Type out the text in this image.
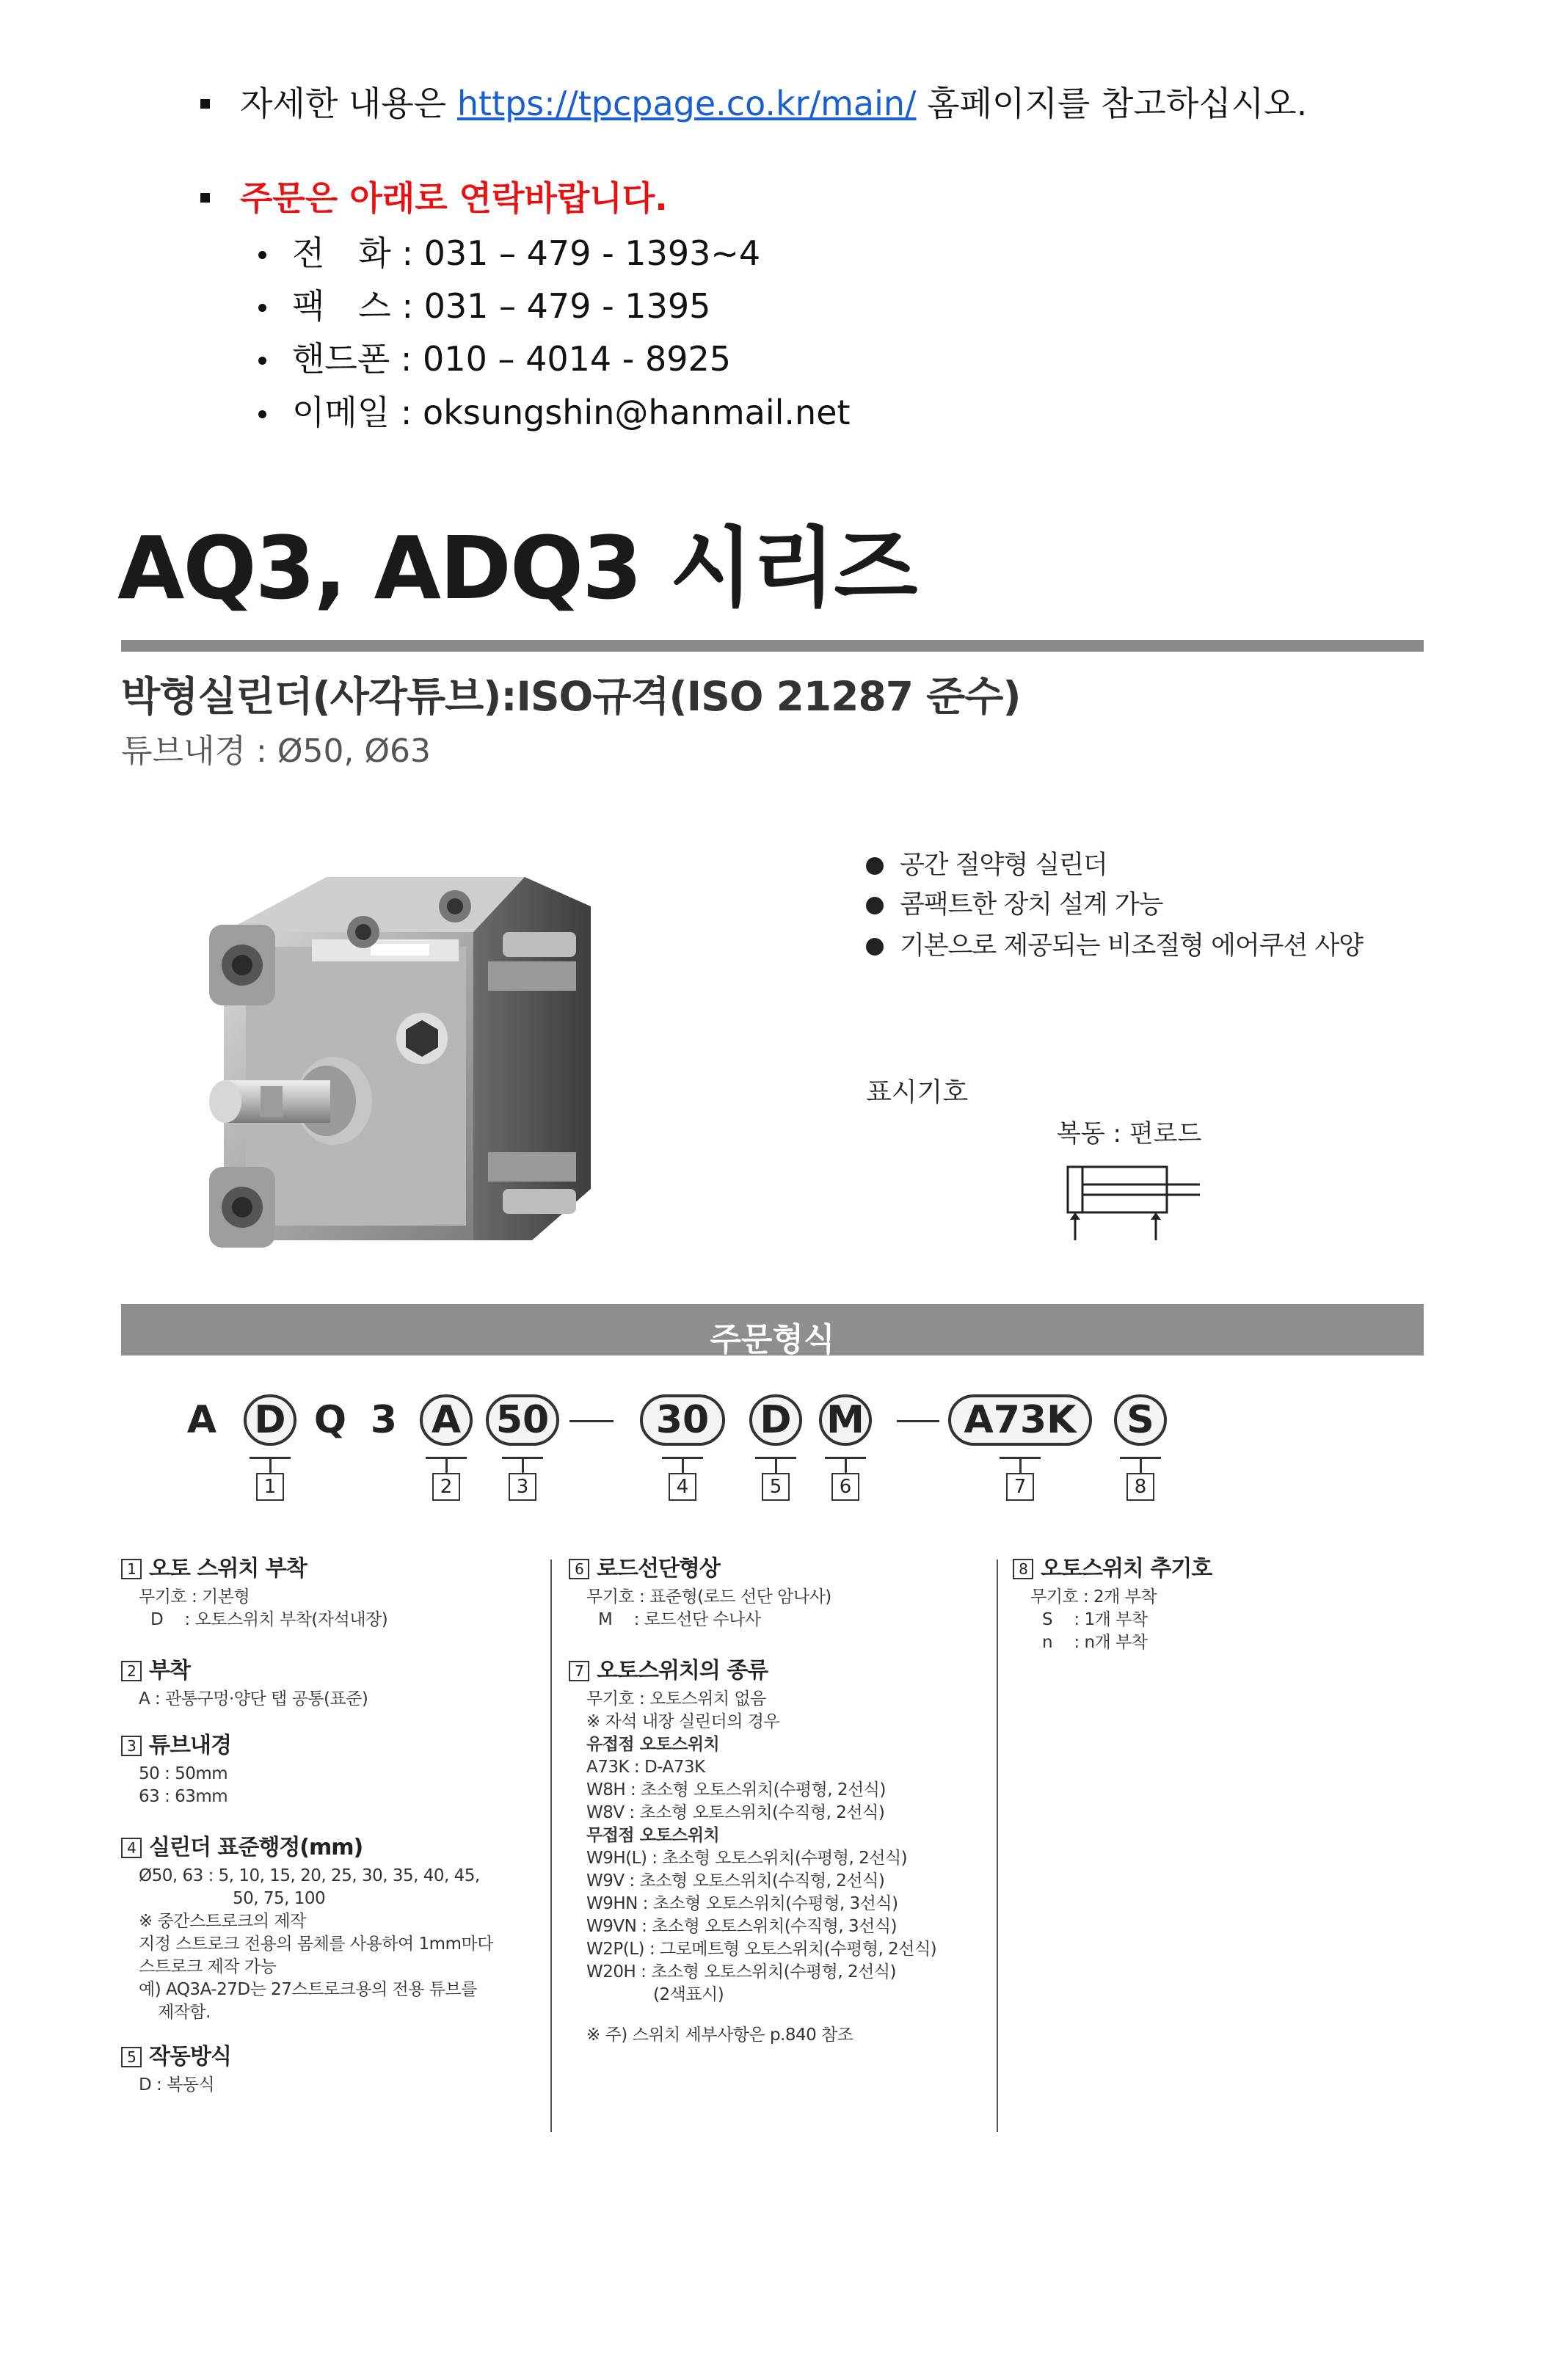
자세한 내용은 https://tpcpage.co.kr/main/ 홈페이지를 참고하십시오.
주문은 아래로 연락바랍니다.
전　화 : 031 – 479 - 1393~4
팩　스 : 031 – 479 - 1395
핸드폰 : 010 – 4014 - 8925
이메일 : oksungshin@hanmail.net
AQ3, ADQ3 시리즈
박형실린더(사각튜브):ISO규격(ISO 21287 준수)
튜브내경 : Ø50, Ø63
공간 절약형 실린더
콤팩트한 장치 설계 가능
기본으로 제공되는 비조절형 에어쿠션 사양
표시기호
복동 : 편로드
주문형식
A D Q 3 A 50	30	D M	A73K	S
1	2	3	4	5	6	7	8
1 오토 스위치 부착
무기호 : 기본형
D　 : 오토스위치 부착(자석내장)
2 부착
A : 관통구멍·양단 탭 공통(표준)
3 튜브내경
50 : 50mm
63 : 63mm
4 실린더 표준행정(mm)
Ø50, 63 : 5, 10, 15, 20, 25, 30, 35, 40, 45,
50, 75, 100
※ 중간스트로크의 제작
지정 스트로크 전용의 몸체를 사용하여 1mm마다
스트로크 제작 가능
예) AQ3A-27D는 27스트로크용의 전용 튜브를
제작함.
5 작동방식
D : 복동식
6 로드선단형상
무기호 : 표준형(로드 선단 암나사)
M　 : 로드선단 수나사
7 오토스위치의 종류
무기호 : 오토스위치 없음
※ 자석 내장 실린더의 경우
유접점 오토스위치
A73K : D-A73K
W8H : 초소형 오토스위치(수평형, 2선식)
W8V : 초소형 오토스위치(수직형, 2선식)
무접점 오토스위치
W9H(L) : 초소형 오토스위치(수평형, 2선식)
W9V : 초소형 오토스위치(수직형, 2선식)
W9HN : 초소형 오토스위치(수평형, 3선식)
W9VN : 초소형 오토스위치(수직형, 3선식)
W2P(L) : 그로메트형 오토스위치(수평형, 2선식)
W20H : 초소형 오토스위치(수평형, 2선식)
(2색표시)
※ 주) 스위치 세부사항은 p.840 참조
8 오토스위치 추기호
무기호 : 2개 부착
S　 : 1개 부착
n　 : n개 부착
